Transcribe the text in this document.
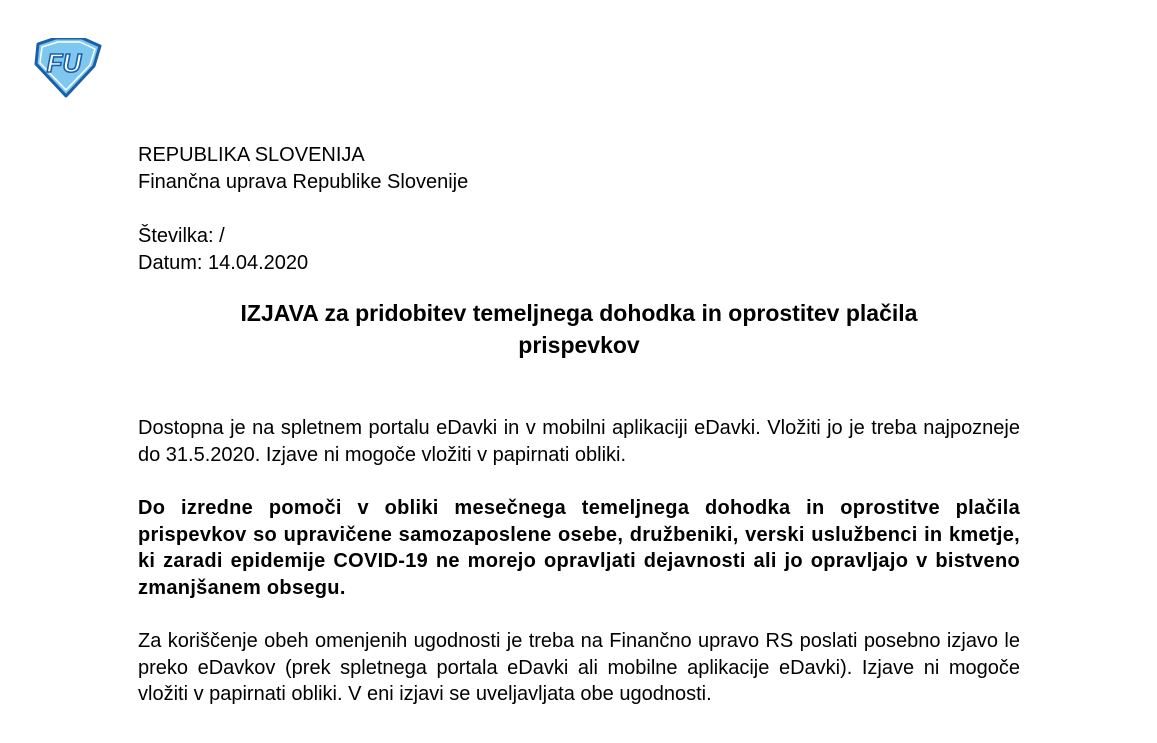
FU

REPUBLIKA SLOVENIJA

Finančna uprava Republike Slovenije

Številka: /

Datum: 14.04.2020

IZJAVA za pridobitev temeljnega dohodka in oprostitev plačila
prispevkov

Dostopna je na spletnem portalu eDavki in v mobilni aplikaciji eDavki. Vložiti jo je treba najpozneje do 31.5.2020. Izjave ni mogoče vložiti v papirnati obliki.

Do izredne pomoči v obliki mesečnega temeljnega dohodka in oprostitve plačila prispevkov so upravičene samozaposlene osebe, družbeniki, verski uslužbenci in kmetje, ki zaradi epidemije COVID-19 ne morejo opravljati dejavnosti ali jo opravljajo v bistveno zmanjšanem obsegu.

Za koriščenje obeh omenjenih ugodnosti je treba na Finančno upravo RS poslati posebno izjavo le preko eDavkov (prek spletnega portala eDavki ali mobilne aplikacije eDavki). Izjave ni mogoče vložiti v papirnati obliki. V eni izjavi se uveljavljata obe ugodnosti.
